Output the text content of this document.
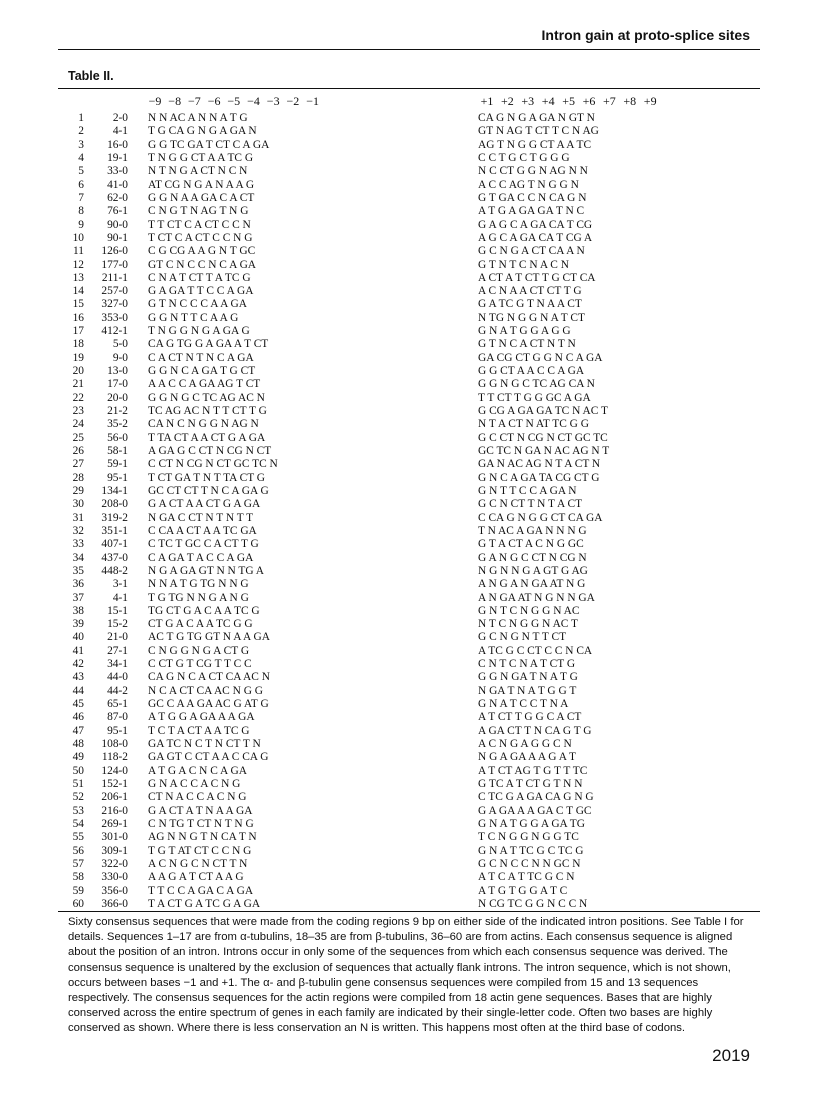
Intron gain at proto-splice sites
Table II.
−9 −8 −7 −6 −5 −4 −3 −2 −1	+1 +2 +3 +4 +5 +6 +7 +8 +9
1	2-0 N N AC A N N A T G	CA G N G A GA N GT N
2	4-1 T G CA G N G A GA N	GT N AG T CT T C N AG
3	16-0 G G TC GA T CT C A GA	AG T N G G CT A A TC
4	19-1 T N G G CT A A TC G	C C T G C T G G G
5	33-0 N T N G A CT N C N	N C CT G G N AG N N
6	41-0 AT CG N G A N A A G	A C C AG T N G G N
7	62-0 G G N A A GA C A CT	G T GA C C N CA G N
8	76-1 C N G T N AG T N G	A T G A GA GA T N C
9	90-0 T T CT C A CT C C N	G A G C A GA CA T CG
10	90-1 T CT C A CT C C N G	A G C A GA CA T CG A
11	126-0 C G CG A A G N T GC	G C N G A CT CA A N
12	177-0 GT C N C C N C A GA	G T N T C N A C N
13	211-1 C N A T CT T A TC G	A CT A T CT T G CT CA
14	257-0 G A GA T T C C A GA	A C N A A CT CT T G
15	327-0 G T N C C C A A GA	G A TC G T N A A CT
16	353-0 G G N T T C A A G	N TG N G G N A T CT
17	412-1 T N G G N G A GA G	G N A T G G A G G
18	5-0 CA G TG G A GA A T CT	G T N C A CT N T N
19	9-0 C A CT N T N C A GA	GA CG CT G G N C A GA
20	13-0 G G N C A GA T G CT	G G CT A A C C A GA
21	17-0 A A C C A GA AG T CT	G G N G C TC AG CA N
22	20-0 G G N G C TC AG AC N	T T CT T G G GC A GA
23	21-2 TC AG AC N T T CT T G	G CG A GA GA TC N AC T
24	35-2 CA N C N G G N AG N	N T A CT N AT TC G G
25	56-0 T TA CT A A CT G A GA	G C CT N CG N CT GC TC
26	58-1 A GA G C CT N CG N CT	GC TC N GA N AC AG N T
27	59-1 C CT N CG N CT GC TC N	GA N AC AG N T A CT N
28	95-1 T CT GA T N T TA CT G	G N C A GA TA CG CT G
29	134-1 GC CT CT T N C A GA G	G N T T C C A GA N
30	208-0 G A CT A A CT G A GA	G C N CT T N T A CT
31	319-2 N GA C CT N T N T T	C CA G N G G CT CA GA
32	351-1 C CA A CT A A TC GA	T N AC A GA N N N G
33	407-1 C TC T GC C A CT T G	G T A CT A C N G GC
34	437-0 C A GA T A C C A GA	G A N G C CT N CG N
35	448-2 N G A GA GT N N TG A	N G N N G A GT G AG
36	3-1 N N A T G TG N N G	A N G A N GA AT N G
37	4-1 T G TG N N G A N G	A N GA AT N G N N GA
38	15-1 TG CT G A C A A TC G	G N T C N G G N AC
39	15-2 CT G A C A A TC G G	N T C N G G N AC T
40	21-0 AC T G TG GT N A A GA	G C N G N T T CT
41	27-1 C N G G N G A CT G	A TC G C CT C C N CA
42	34-1 C CT G T CG T T C C	C N T C N A T CT G
43	44-0 CA G N C A CT CA AC N	G G N GA T N A T G
44	44-2 N C A CT CA AC N G G	N GA T N A T G G T
45	65-1 GC C A A GA AC G AT G	G N A T C C T N A
46	87-0 A T G G A GA A A GA	A T CT T G G C A CT
47	95-1 T C T A CT A A TC G	A GA CT T N CA G T G
48	108-0 GA TC N C T N CT T N	A C N G A G G C N
49	118-2 GA GT C CT A A C CA G	N G A GA A A G A T
50	124-0 A T G A C N C A GA	A T CT AG T G T T TC
51	152-1 G N A C C A C N G	G TC A T CT G T N N
52	206-1 CT N A C C A C N G	C TC G A GA CA G N G
53	216-0 G A CT A T N A A GA	G A GA A A GA C T GC
54	269-1 C N TG T CT N T N G	G N A T G G A GA TG
55	301-0 AG N N G T N CA T N	T C N G G N G G TC
56	309-1 T G T AT CT C C N G	G N A T TC G C TC G
57	322-0 A C N G C N CT T N	G C N C C N N GC N
58	330-0 A A G A T CT A A G	A T C A T TC G C N
59	356-0 T T C C A GA C A GA	A T G T G G A T C
60	366-0 T A CT G A TC G A GA	N CG TC G G N C C N
Sixty consensus sequences that were made from the coding regions 9 bp on either side of the indicated intron positions. See Table I for details. Sequences 1–17 are from α-tubulins, 18–35 are from β-tubulins, 36–60 are from actins. Each consensus sequence is aligned about the position of an intron. Introns occur in only some of the sequences from which each consensus sequence was derived. The consensus sequence is unaltered by the exclusion of sequences that actually flank introns. The intron sequence, which is not shown, occurs between bases −1 and +1. The α- and β-tubulin gene consensus sequences were compiled from 15 and 13 sequences respectively. The consensus sequences for the actin regions were compiled from 18 actin gene sequences. Bases that are highly conserved across the entire spectrum of genes in each family are indicated by their single-letter code. Often two bases are highly conserved as shown. Where there is less conservation an N is written. This happens most often at the third base of codons.
2019
